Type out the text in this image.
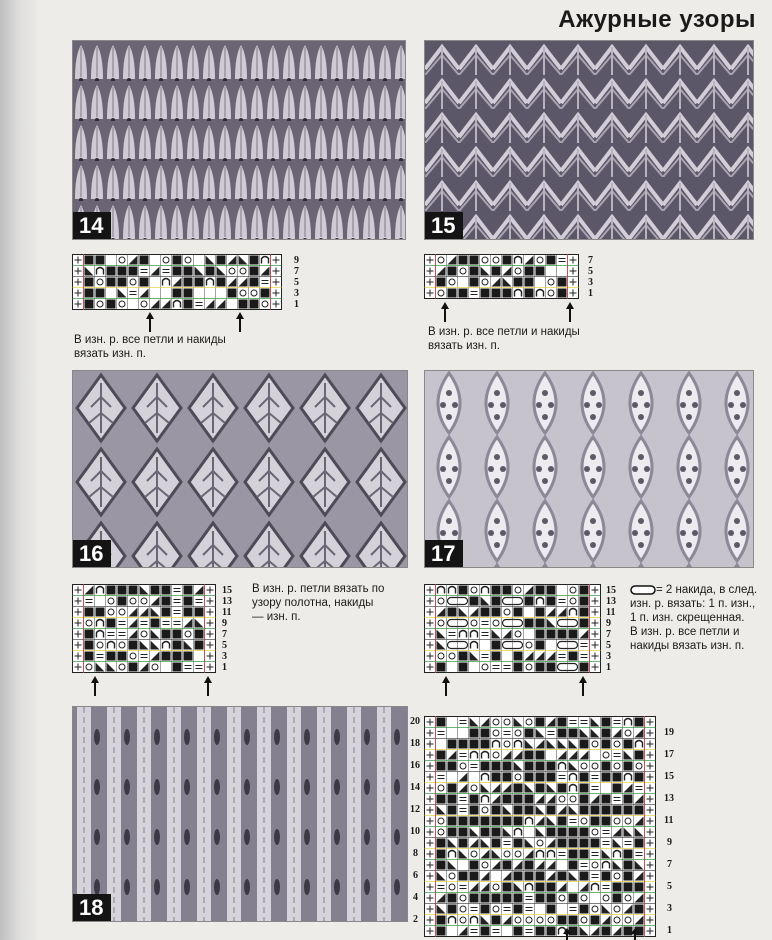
Ажурные узоры
14	15
16	17
18
9
7
5
3
1
В изн. р. все петли и накиды
вязать изн. п.
7
5
3
1
В изн. р. все петли и накиды
вязать изн. п.
15
13
11
9
7
5
3
1
В изн. р. петли вязать по
узору полотна, накиды
— изн. п.
15
13
11
9
7
5
3
1
= 2 накида, в след.
изн. р. вязать: 1 п. изн.,
1 п. изн. скрещенная.
В изн. р. все петли и
накиды вязать изн. п.
20
18
16
14
12
10
8
6
4
2
19
17
15
13
11
9
7
5
3
1
